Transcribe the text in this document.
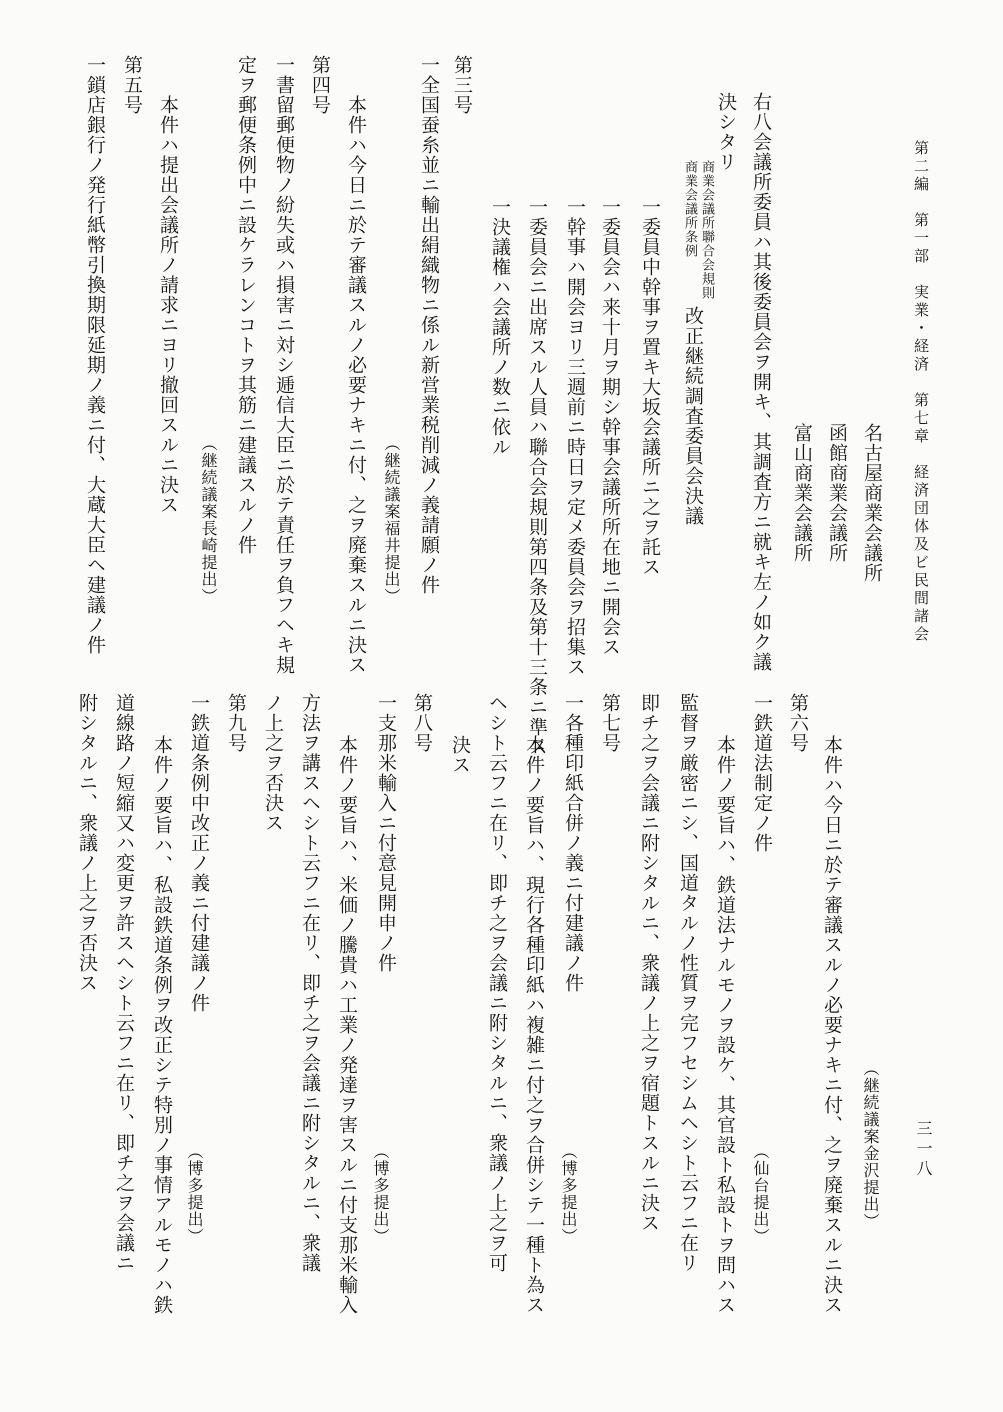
第二編　第一部　実業・経済　第七章　経済団体及ビ民間諸会
三一八
名古屋商業会議所
函館商業会議所
富山商業会議所
右八会議所委員ハ其後委員会ヲ開キ、其調査方ニ就キ左ノ如ク議
決シタリ
商業会議所聯合会規則
商業会議所条例
改正継続調査委員会決議
一委員中幹事ヲ置キ大坂会議所ニ之ヲ託ス
一委員会ハ来十月ヲ期シ幹事会議所所在地ニ開会ス
一幹事ハ開会ヨリ三週前ニ時日ヲ定メ委員会ヲ招集ス
一委員会ニ出席スル人員ハ聯合会規則第四条及第十三条ニ準ス
一決議権ハ会議所ノ数ニ依ル
第三号
一全国蚕糸並ニ輸出絹織物ニ係ル新営業税削減ノ義請願ノ件
（継続議案福井提出）
本件ハ今日ニ於テ審議スルノ必要ナキニ付、之ヲ廃棄スルニ決ス
第四号
一書留郵便物ノ紛失或ハ損害ニ対シ逓信大臣ニ於テ責任ヲ負フヘキ規
定ヲ郵便条例中ニ設ケラレンコトヲ其筋ニ建議スルノ件
（継続議案長崎提出）
本件ハ提出会議所ノ請求ニヨリ撤回スルニ決ス
第五号
一鎖店銀行ノ発行紙幣引換期限延期ノ義ニ付、大蔵大臣ヘ建議ノ件
（継続議案金沢提出）
本件ハ今日ニ於テ審議スルノ必要ナキニ付、之ヲ廃棄スルニ決ス
第六号
一鉄道法制定ノ件
（仙台提出）
本件ノ要旨ハ、鉄道法ナルモノヲ設ケ、其官設ト私設トヲ問ハス
監督ヲ厳密ニシ、国道タルノ性質ヲ完フセシムヘシト云フニ在リ
即チ之ヲ会議ニ附シタルニ、衆議ノ上之ヲ宿題トスルニ決ス
第七号
一各種印紙合併ノ義ニ付建議ノ件
（博多提出）
本件ノ要旨ハ、現行各種印紙ハ複雑ニ付之ヲ合併シテ一種ト為ス
ヘシト云フニ在リ、即チ之ヲ会議ニ附シタルニ、衆議ノ上之ヲ可
決ス
第八号
一支那米輸入ニ付意見開申ノ件
（博多提出）
本件ノ要旨ハ、米価ノ騰貴ハ工業ノ発達ヲ害スルニ付支那米輸入
方法ヲ講スヘシト云フニ在リ、即チ之ヲ会議ニ附シタルニ、衆議
ノ上之ヲ否決ス
第九号
一鉄道条例中改正ノ義ニ付建議ノ件
（博多提出）
本件ノ要旨ハ、私設鉄道条例ヲ改正シテ特別ノ事情アルモノハ鉄
道線路ノ短縮又ハ変更ヲ許スヘシト云フニ在リ、即チ之ヲ会議ニ
附シタルニ、衆議ノ上之ヲ否決ス
